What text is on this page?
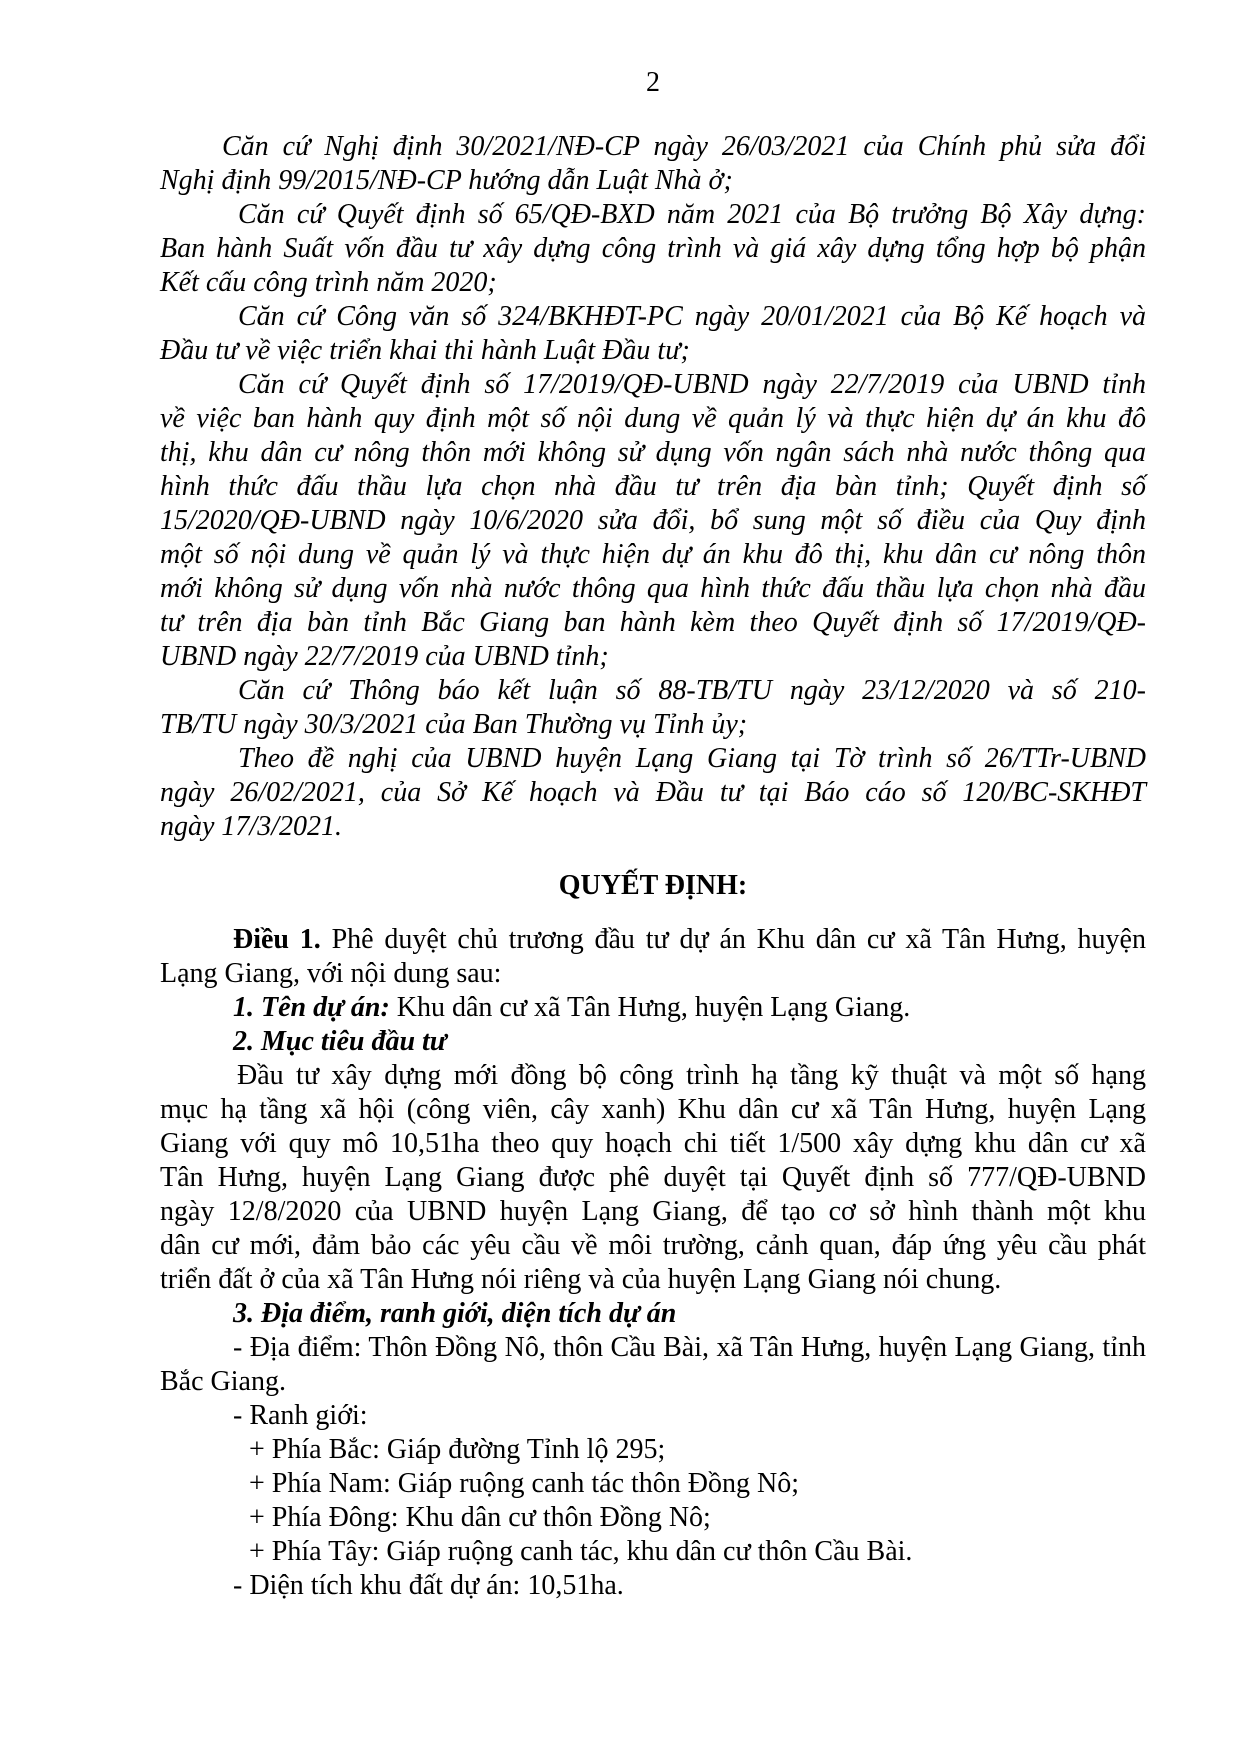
2
Căn cứ Nghị định 30/2021/NĐ-CP ngày 26/03/2021 của Chính phủ sửa đổi
Nghị định 99/2015/NĐ-CP hướng dẫn Luật Nhà ở;
Căn cứ Quyết định số 65/QĐ-BXD năm 2021 của Bộ trưởng Bộ Xây dựng:
Ban hành Suất vốn đầu tư xây dựng công trình và giá xây dựng tổng hợp bộ phận
Kết cấu công trình năm 2020;
Căn cứ Công văn số 324/BKHĐT-PC ngày 20/01/2021 của Bộ Kế hoạch và
Đầu tư về việc triển khai thi hành Luật Đầu tư;
Căn cứ Quyết định số 17/2019/QĐ-UBND ngày 22/7/2019 của UBND tỉnh
về việc ban hành quy định một số nội dung về quản lý và thực hiện dự án khu đô
thị, khu dân cư nông thôn mới không sử dụng vốn ngân sách nhà nước thông qua
hình thức đấu thầu lựa chọn nhà đầu tư trên địa bàn tỉnh; Quyết định số
15/2020/QĐ-UBND ngày 10/6/2020 sửa đổi, bổ sung một số điều của Quy định
một số nội dung về quản lý và thực hiện dự án khu đô thị, khu dân cư nông thôn
mới không sử dụng vốn nhà nước thông qua hình thức đấu thầu lựa chọn nhà đầu
tư trên địa bàn tỉnh Bắc Giang ban hành kèm theo Quyết định số 17/2019/QĐ-
UBND ngày 22/7/2019 của UBND tỉnh;
Căn cứ Thông báo kết luận số 88-TB/TU ngày 23/12/2020 và số 210-
TB/TU ngày 30/3/2021 của Ban Thường vụ Tỉnh ủy;
Theo đề nghị của UBND huyện Lạng Giang tại Tờ trình số 26/TTr-UBND
ngày 26/02/2021, của Sở Kế hoạch và Đầu tư tại Báo cáo số 120/BC-SKHĐT
ngày 17/3/2021.
QUYẾT ĐỊNH:
Điều 1. Phê duyệt chủ trương đầu tư dự án Khu dân cư xã Tân Hưng, huyện
Lạng Giang, với nội dung sau:
1. Tên dự án: Khu dân cư xã Tân Hưng, huyện Lạng Giang.
2. Mục tiêu đầu tư
Đầu tư xây dựng mới đồng bộ công trình hạ tầng kỹ thuật và một số hạng
mục hạ tầng xã hội (công viên, cây xanh) Khu dân cư xã Tân Hưng, huyện Lạng
Giang với quy mô 10,51ha theo quy hoạch chi tiết 1/500 xây dựng khu dân cư xã
Tân Hưng, huyện Lạng Giang được phê duyệt tại Quyết định số 777/QĐ-UBND
ngày 12/8/2020 của UBND huyện Lạng Giang, để tạo cơ sở hình thành một khu
dân cư mới, đảm bảo các yêu cầu về môi trường, cảnh quan, đáp ứng yêu cầu phát
triển đất ở của xã Tân Hưng nói riêng và của huyện Lạng Giang nói chung.
3. Địa điểm, ranh giới, diện tích dự án
- Địa điểm: Thôn Đồng Nô, thôn Cầu Bài, xã Tân Hưng, huyện Lạng Giang, tỉnh
Bắc Giang.
- Ranh giới:
+ Phía Bắc: Giáp đường Tỉnh lộ 295;
+ Phía Nam: Giáp ruộng canh tác thôn Đồng Nô;
+ Phía Đông: Khu dân cư thôn Đồng Nô;
+ Phía Tây: Giáp ruộng canh tác, khu dân cư thôn Cầu Bài.
- Diện tích khu đất dự án: 10,51ha.
